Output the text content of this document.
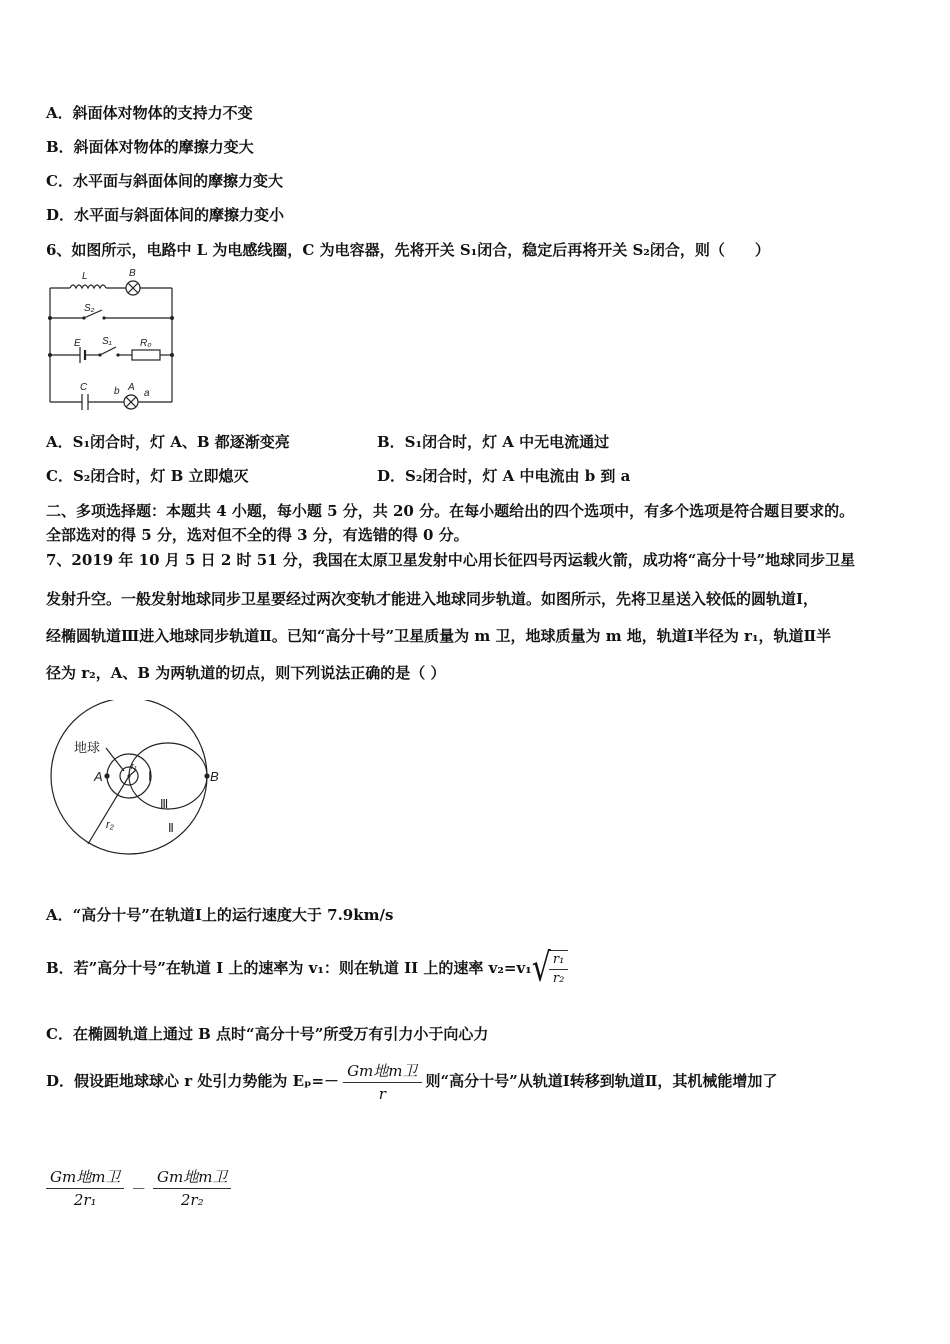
A．斜面体对物体的支持力不变
B．斜面体对物体的摩擦力变大
C．水平面与斜面体间的摩擦力变大
D．水平面与斜面体间的摩擦力变小
6、如图所示，电路中 L 为电感线圈，C 为电容器，先将开关 S₁闭合，稳定后再将开关 S₂闭合，则（　　）
L	B
S₂
E S₁	R₀
C	b A
a
A．S₁闭合时，灯 A、B 都逐渐变亮	B．S₁闭合时，灯 A 中无电流通过
C．S₂闭合时，灯 B 立即熄灭	D．S₂闭合时，灯 A 中电流由 b 到 a
二、多项选择题：本题共 4 小题，每小题 5 分，共 20 分。在每小题给出的四个选项中，有多个选项是符合题目要求的。
全部选对的得 5 分，选对但不全的得 3 分，有选错的得 0 分。
7、2019 年 10 月 5 日 2 时 51 分，我国在太原卫星发射中心用长征四号丙运载火箭，成功将“高分十号”地球同步卫星
发射升空。一般发射地球同步卫星要经过两次变轨才能进入地球同步轨道。如图所示，先将卫星送入较低的圆轨道Ⅰ，
经椭圆轨道Ⅲ进入地球同步轨道Ⅱ。已知“高分十号”卫星质量为 m 卫，地球质量为 m 地，轨道Ⅰ半径为 r₁，轨道Ⅱ半
径为 r₂，A、B 为两轨道的切点，则下列说法正确的是（ ）
地球
A	B
r₁
r₂
Ⅰ
Ⅲ
Ⅱ
A．“高分十号”在轨道Ⅰ上的运行速度大于 7.9km/s
B．若”高分十号”在轨道 I 上的速率为 v₁：则在轨道 II 上的速率 v₂=v₁√
$\frac{\text{r₁}}{\text{r₂}}$
C．在椭圆轨道上通过 B 点时“高分十号”所受万有引力小于向心力
D．假设距地球球心 r 处引力势能为 $E_p=- \frac{\text{Gm地m卫}}{r}$ 则“高分十号”从轨道Ⅰ转移到轨道Ⅱ，其机械能增加了
$\frac{\text{Gm地m卫}}{\text{2r₁}} - \frac{\text{Gm地m卫}}{\text{2r₂}}$
